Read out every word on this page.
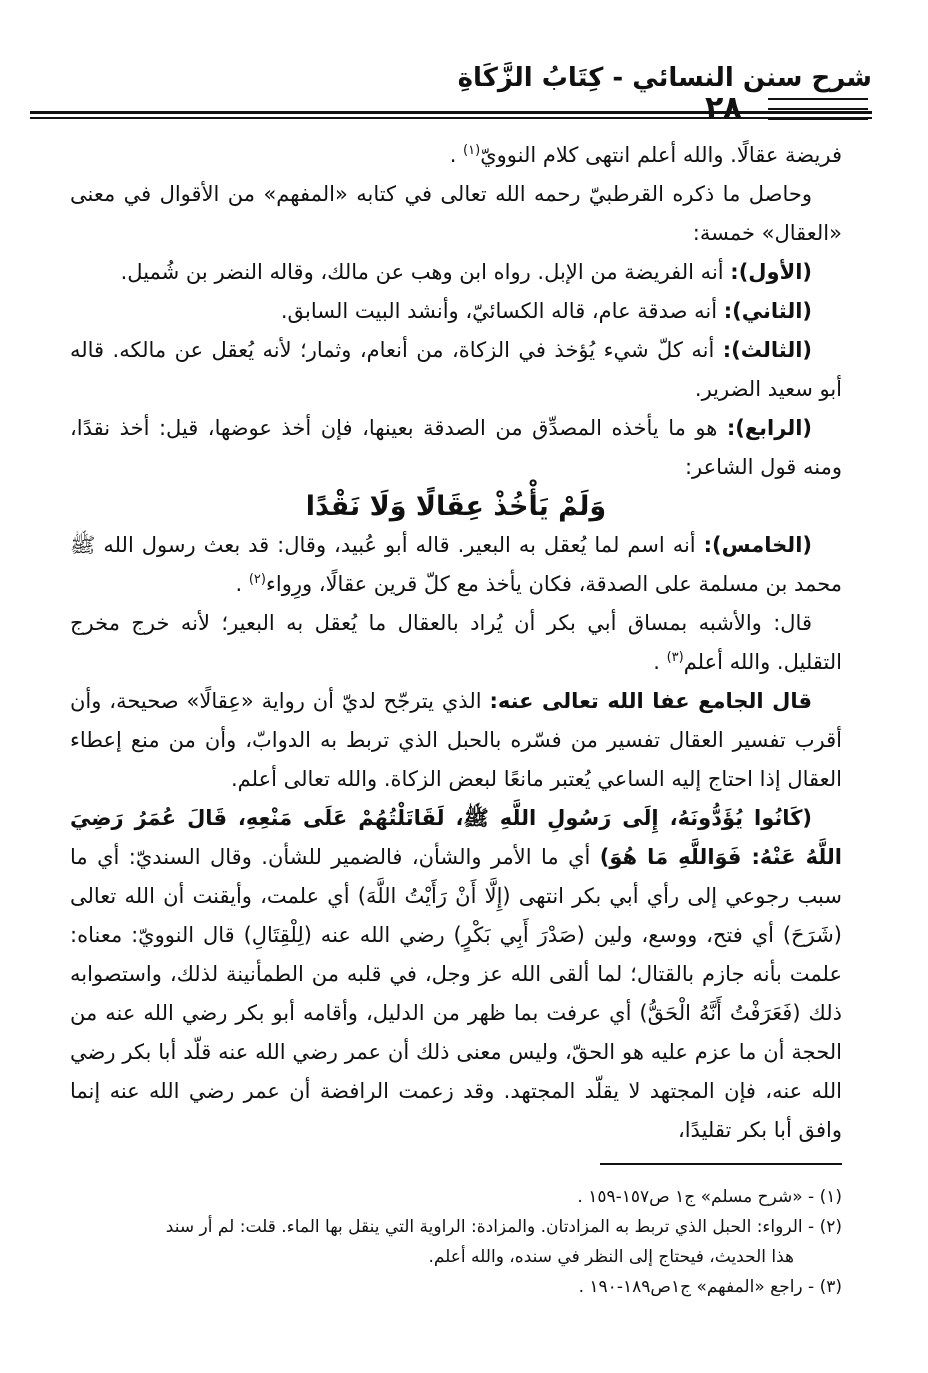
شرح سنن النسائي - كِتَابُ الزَّكَاةِ
٢٨

فريضة عقالًا. والله أعلم انتهى كلام النوويّ$^{(١)}$ .

وحاصل ما ذكره القرطبيّ رحمه الله تعالى في كتابه «المفهم» من الأقوال في معنى «العقال» خمسة:

(الأول): أنه الفريضة من الإبل. رواه ابن وهب عن مالك، وقاله النضر بن شُميل.

(الثاني): أنه صدقة عام، قاله الكسائيّ، وأنشد البيت السابق.

(الثالث): أنه كلّ شيء يُؤخذ في الزكاة، من أنعام، وثمار؛ لأنه يُعقل عن مالكه. قاله أبو سعيد الضرير.

(الرابع): هو ما يأخذه المصدِّق من الصدقة بعينها، فإن أخذ عوضها، قيل: أخذ نقدًا، ومنه قول الشاعر:

وَلَمْ يَأْخُذْ عِقَالًا وَلَا نَقْدًا

(الخامس): أنه اسم لما يُعقل به البعير. قاله أبو عُبيد، وقال: قد بعث رسول الله ﷺ محمد بن مسلمة على الصدقة، فكان يأخذ مع كلّ قرين عقالًا، ورِواء$^{(٢)}$ .

قال: والأشبه بمساق أبي بكر أن يُراد بالعقال ما يُعقل به البعير؛ لأنه خرج مخرج التقليل. والله أعلم$^{(٣)}$ .

قال الجامع عفا الله تعالى عنه: الذي يترجّح لديّ أن رواية «عِقالًا» صحيحة، وأن أقرب تفسير العقال تفسير من فسّره بالحبل الذي تربط به الدوابّ، وأن من منع إعطاء العقال إذا احتاج إليه الساعي يُعتبر مانعًا لبعض الزكاة. والله تعالى أعلم.

(كَانُوا يُؤَدُّونَهُ، إِلَى رَسُولِ اللَّهِ ﷺ، لَقَاتَلْتُهُمْ عَلَى مَنْعِهِ، قَالَ عُمَرُ رَضِيَ اللَّهُ عَنْهُ: فَوَاللَّهِ مَا هُوَ) أي ما الأمر والشأن، فالضمير للشأن. وقال السنديّ: أي ما سبب رجوعي إلى رأي أبي بكر انتهى (إِلَّا أَنْ رَأَيْتُ اللَّهَ) أي علمت، وأيقنت أن الله تعالى (شَرَحَ) أي فتح، ووسع، ولين (صَدْرَ أَبِي بَكْرٍ) رضي الله عنه (لِلْقِتَالِ) قال النوويّ: معناه: علمت بأنه جازم بالقتال؛ لما ألقى الله عز وجل، في قلبه من الطمأنينة لذلك، واستصوابه ذلك (فَعَرَفْتُ أَنَّهُ الْحَقُّ) أي عرفت بما ظهر من الدليل، وأقامه أبو بكر رضي الله عنه من الحجة أن ما عزم عليه هو الحقّ، وليس معنى ذلك أن عمر رضي الله عنه قلّد أبا بكر رضي الله عنه، فإن المجتهد لا يقلّد المجتهد. وقد زعمت الرافضة أن عمر رضي الله عنه إنما وافق أبا بكر تقليدًا،

(١) - «شرح مسلم» ج١ ص١٥٧-١٥٩ .

(٢) - الرواء: الحبل الذي تربط به المزادتان. والمزادة: الراوية التي ينقل بها الماء. قلت: لم أر سند

هذا الحديث، فيحتاج إلى النظر في سنده، والله أعلم.

(٣) - راجع «المفهم» ج١ص١٨٩-١٩٠ .
